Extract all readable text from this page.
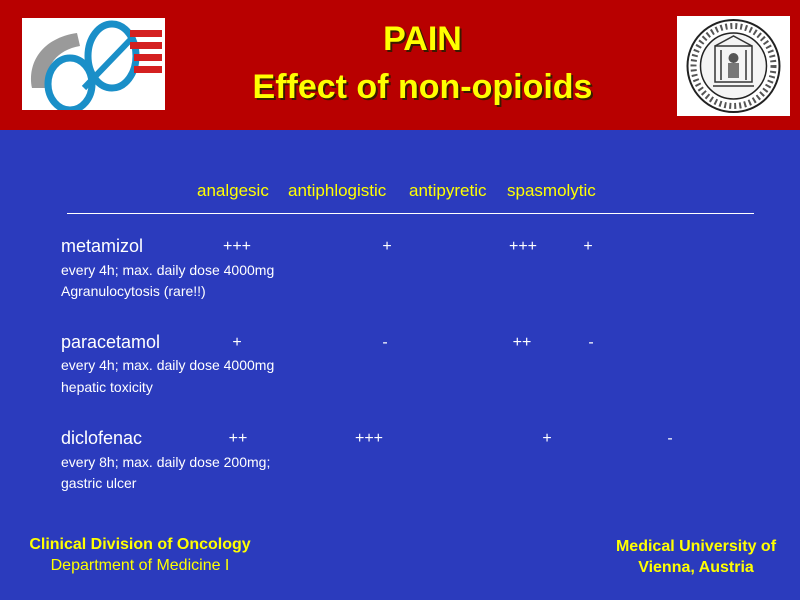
PAIN
Effect of non-opioids
analgesic antiphlogistic antipyretic spasmolytic
metamizol	+++	+	+++	+
every 4h; max. daily dose 4000mg
Agranulocytosis (rare!!)
paracetamol	+	-	++	-
every 4h; max. daily dose 4000mg
hepatic toxicity
diclofenac	++	+++	+	-
every 8h; max. daily dose 200mg;
gastric ulcer
Clinical Division of Oncology
Department of Medicine I
Medical University of
Vienna, Austria
